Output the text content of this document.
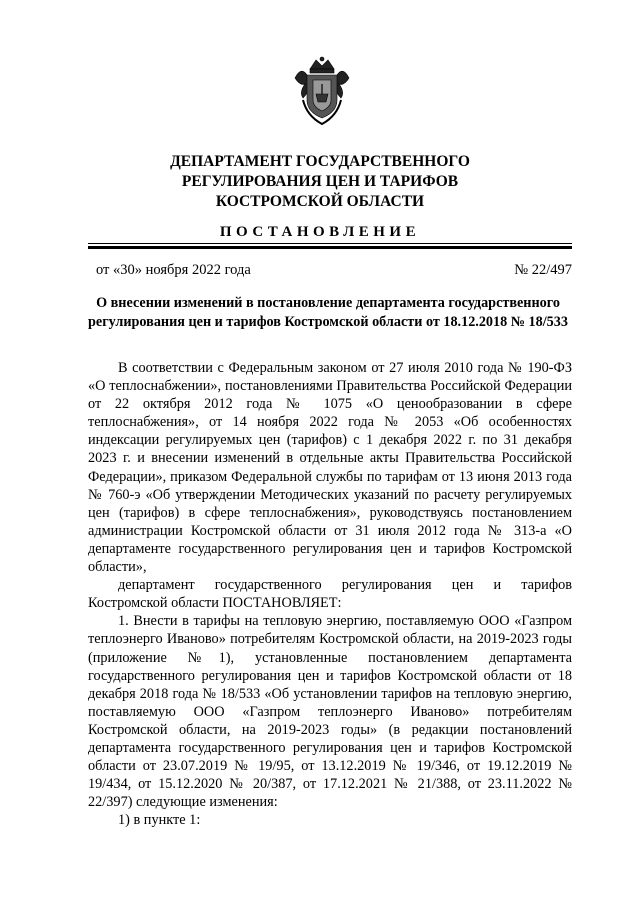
ДЕПАРТАМЕНТ ГОСУДАРСТВЕННОГО
РЕГУЛИРОВАНИЯ ЦЕН И ТАРИФОВ
КОСТРОМСКОЙ ОБЛАСТИ
ПОСТАНОВЛЕНИЕ
от «30» ноября 2022 года	№ 22/497
О внесении изменений в постановление департамента государственного
регулирования цен и тарифов Костромской области от 18.12.2018 № 18/533

В соответствии с Федеральным законом от 27 июля 2010 года № 190-ФЗ «О теплоснабжении», постановлениями Правительства Российской Федерации от 22 октября 2012 года № 1075 «О ценообразовании в сфере теплоснабжения», от 14 ноября 2022 года № 2053 «Об особенностях индексации регулируемых цен (тарифов) с 1 декабря 2022 г. по 31 декабря 2023 г. и внесении изменений в отдельные акты Правительства Российской Федерации», приказом Федеральной службы по тарифам от 13 июня 2013 года № 760-э «Об утверждении Методических указаний по расчету регулируемых цен (тарифов) в сфере теплоснабжения», руководствуясь постановлением администрации Костромской области от 31 июля 2012 года № 313-а «О департаменте государственного регулирования цен и тарифов Костромской области»,

департамент государственного регулирования цен и тарифов Костромской области ПОСТАНОВЛЯЕТ:

1. Внести в тарифы на тепловую энергию, поставляемую ООО «Газпром теплоэнерго Иваново» потребителям Костромской области, на 2019-2023 годы (приложение №1), установленные постановлением департамента государственного регулирования цен и тарифов Костромской области от 18 декабря 2018 года № 18/533 «Об установлении тарифов на тепловую энергию, поставляемую ООО «Газпром теплоэнерго Иваново» потребителям Костромской области, на 2019-2023 годы» (в редакции постановлений департамента государственного регулирования цен и тарифов Костромской области от 23.07.2019 № 19/95, от 13.12.2019 № 19/346, от 19.12.2019 № 19/434, от 15.12.2020 № 20/387, от 17.12.2021 № 21/388, от 23.11.2022 № 22/397) следующие изменения:

1) в пункте 1:
